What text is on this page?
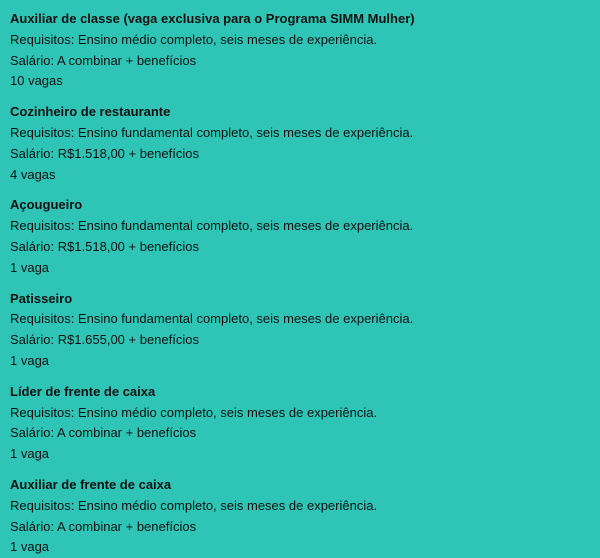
Auxiliar de classe (vaga exclusiva para o Programa SIMM Mulher)
Requisitos: Ensino médio completo, seis meses de experiência.
Salário: A combinar + benefícios
10 vagas
Cozinheiro de restaurante
Requisitos: Ensino fundamental completo, seis meses de experiência.
Salário: R$1.518,00 + benefícios
4 vagas
Açougueiro
Requisitos: Ensino fundamental completo, seis meses de experiência.
Salário: R$1.518,00 + benefícios
1 vaga
Patisseiro
Requisitos: Ensino fundamental completo, seis meses de experiência.
Salário: R$1.655,00 + benefícios
1 vaga
Líder de frente de caixa
Requisitos: Ensino médio completo, seis meses de experiência.
Salário: A combinar + benefícios
1 vaga
Auxiliar de frente de caixa
Requisitos: Ensino médio completo, seis meses de experiência.
Salário: A combinar + benefícios
1 vaga
